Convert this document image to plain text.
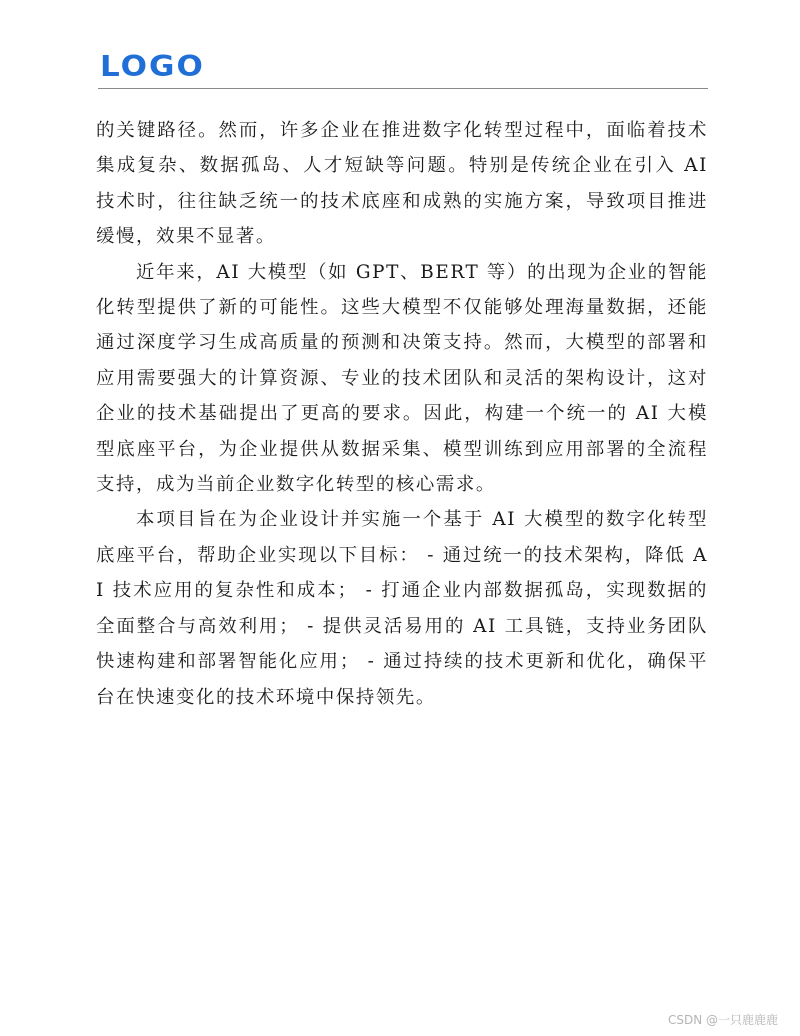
LOGO

的关键路径。然而，许多企业在推进数字化转型过程中，面临着技术集成复杂、数据孤岛、人才短缺等问题。特别是传统企业在引入 AI 技术时，往往缺乏统一的技术底座和成熟的实施方案，导致项目推进缓慢，效果不显著。

近年来，AI 大模型（如 GPT、BERT 等）的出现为企业的智能化转型提供了新的可能性。这些大模型不仅能够处理海量数据，还能通过深度学习生成高质量的预测和决策支持。然而，大模型的部署和应用需要强大的计算资源、专业的技术团队和灵活的架构设计，这对企业的技术基础提出了更高的要求。因此，构建一个统一的 AI 大模型底座平台，为企业提供从数据采集、模型训练到应用部署的全流程支持，成为当前企业数字化转型的核心需求。

本项目旨在为企业设计并实施一个基于 AI 大模型的数字化转型底座平台，帮助企业实现以下目标： - 通过统一的技术架构，降低 AI 技术应用的复杂性和成本； - 打通企业内部数据孤岛，实现数据的全面整合与高效利用； - 提供灵活易用的 AI 工具链，支持业务团队快速构建和部署智能化应用； - 通过持续的技术更新和优化，确保平台在快速变化的技术环境中保持领先。

CSDN @一只鹿鹿鹿
